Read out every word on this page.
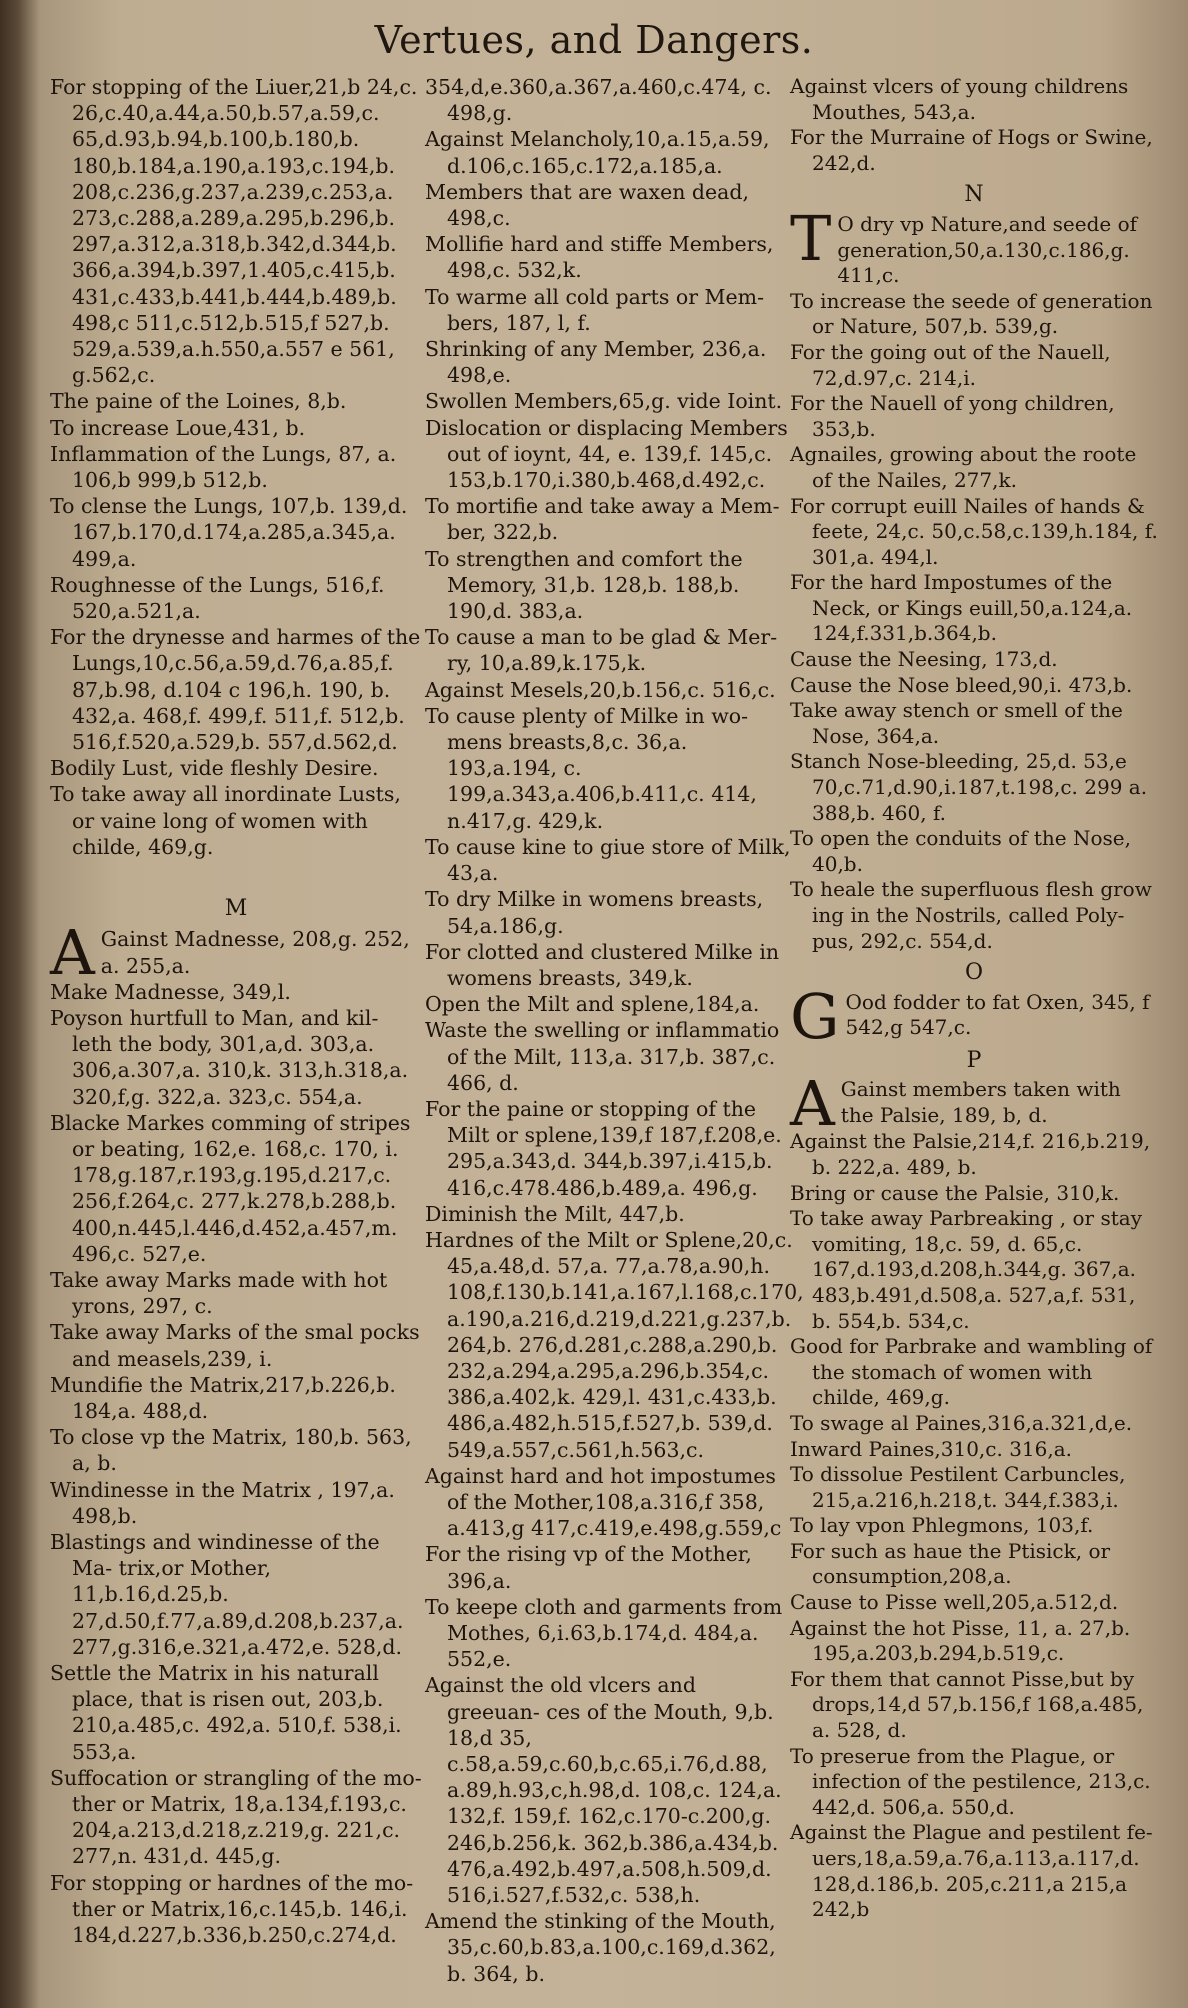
Vertues, and Dangers.
For stopping of the Liuer,21,b 24,c. 26,c.40,a.44,a.50,b.57,a.59,c. 65,d.93,b.94,b.100,b.180,b. 180,b.184,a.190,a.193,c.194,b. 208,c.236,g.237,a.239,c.253,a. 273,c.288,a.289,a.295,b.296,b. 297,a.312,a.318,b.342,d.344,b. 366,a.394,b.397,1.405,c.415,b. 431,c.433,b.441,b.444,b.489,b. 498,c 511,c.512,b.515,f 527,b. 529,a.539,a.h.550,a.557 e 561, g.562,c.
The paine of the Loines, 8,b.
To increase Loue,431, b.
Inflammation of the Lungs, 87, a. 106,b 999,b 512,b.
To clense the Lungs, 107,b. 139,d. 167,b.170,d.174,a.285,a.345,a. 499,a.
Roughnesse of the Lungs, 516,f. 520,a.521,a.
For the drynesse and harmes of the Lungs,10,c.56,a.59,d.76,a.85,f. 87,b.98, d.104 c 196,h. 190, b. 432,a. 468,f. 499,f. 511,f. 512,b. 516,f.520,a.529,b. 557,d.562,d.
Bodily Lust, vide fleshly Desire.
To take away all inordinate Lusts, or vaine long of women with childe, 469,g.
M
A Gainst Madnesse, 208,g. 252, a. 255,a.
Make Madnesse, 349,l.
Poyson hurtfull to Man, and kil- leth the body, 301,a,d. 303,a. 306,a.307,a. 310,k. 313,h.318,a. 320,f,g. 322,a. 323,c. 554,a.
Blacke Markes comming of stripes or beating, 162,e. 168,c. 170, i. 178,g.187,r.193,g.195,d.217,c. 256,f.264,c. 277,k.278,b.288,b. 400,n.445,l.446,d.452,a.457,m. 496,c. 527,e.
Take away Marks made with hot yrons, 297, c.
Take away Marks of the smal pocks and measels,239, i.
Mundifie the Matrix,217,b.226,b. 184,a. 488,d.
To close vp the Matrix, 180,b. 563, a, b.
Windinesse in the Matrix , 197,a. 498,b.
Blastings and windinesse of the Ma- trix,or Mother, 11,b.16,d.25,b. 27,d.50,f.77,a.89,d.208,b.237,a. 277,g.316,e.321,a.472,e. 528,d.
Settle the Matrix in his naturall place, that is risen out, 203,b. 210,a.485,c. 492,a. 510,f. 538,i. 553,a.
Suffocation or strangling of the mo- ther or Matrix, 18,a.134,f.193,c. 204,a.213,d.218,z.219,g. 221,c. 277,n. 431,d. 445,g.
For stopping or hardnes of the mo- ther or Matrix,16,c.145,b. 146,i. 184,d.227,b.336,b.250,c.274,d.
354,d,e.360,a.367,a.460,c.474, c. 498,g.
Against Melancholy,10,a.15,a.59, d.106,c.165,c.172,a.185,a.
Members that are waxen dead, 498,c.
Mollifie hard and stiffe Members, 498,c. 532,k.
To warme all cold parts or Mem- bers, 187, l, f.
Shrinking of any Member, 236,a. 498,e.
Swollen Members,65,g. vide Ioint.
Dislocation or displacing Members out of ioynt, 44, e. 139,f. 145,c. 153,b.170,i.380,b.468,d.492,c.
To mortifie and take away a Mem- ber, 322,b.
To strengthen and comfort the Memory, 31,b. 128,b. 188,b. 190,d. 383,a.
To cause a man to be glad & Mer- ry, 10,a.89,k.175,k.
Against Mesels,20,b.156,c. 516,c.
To cause plenty of Milke in wo- mens breasts,8,c. 36,a. 193,a.194, c. 199,a.343,a.406,b.411,c. 414, n.417,g. 429,k.
To cause kine to giue store of Milk, 43,a.
To dry Milke in womens breasts, 54,a.186,g.
For clotted and clustered Milke in womens breasts, 349,k.
Open the Milt and splene,184,a.
Waste the swelling or inflammatio of the Milt, 113,a. 317,b. 387,c. 466, d.
For the paine or stopping of the Milt or splene,139,f 187,f.208,e. 295,a.343,d. 344,b.397,i.415,b. 416,c.478.486,b.489,a. 496,g.
Diminish the Milt, 447,b.
Hardnes of the Milt or Splene,20,c. 45,a.48,d. 57,a. 77,a.78,a.90,h. 108,f.130,b.141,a.167,l.168,c.170, a.190,a.216,d.219,d.221,g.237,b. 264,b. 276,d.281,c.288,a.290,b. 232,a.294,a.295,a.296,b.354,c. 386,a.402,k. 429,l. 431,c.433,b. 486,a.482,h.515,f.527,b. 539,d. 549,a.557,c.561,h.563,c.
Against hard and hot impostumes of the Mother,108,a.316,f 358, a.413,g 417,c.419,e.498,g.559,c
For the rising vp of the Mother, 396,a.
To keepe cloth and garments from Mothes, 6,i.63,b.174,d. 484,a. 552,e.
Against the old vlcers and greeuan- ces of the Mouth, 9,b. 18,d 35, c.58,a.59,c.60,b,c.65,i.76,d.88, a.89,h.93,c,h.98,d. 108,c. 124,a. 132,f. 159,f. 162,c.170-c.200,g. 246,b.256,k. 362,b.386,a.434,b. 476,a.492,b.497,a.508,h.509,d. 516,i.527,f.532,c. 538,h.
Amend the stinking of the Mouth, 35,c.60,b.83,a.100,c.169,d.362, b. 364, b.
Against vlcers of young childrens Mouthes, 543,a.
For the Murraine of Hogs or Swine, 242,d.
N
T O dry vp Nature,and seede of generation,50,a.130,c.186,g. 411,c.
To increase the seede of generation or Nature, 507,b. 539,g.
For the going out of the Nauell, 72,d.97,c. 214,i.
For the Nauell of yong children, 353,b.
Agnailes, growing about the roote of the Nailes, 277,k.
For corrupt euill Nailes of hands & feete, 24,c. 50,c.58,c.139,h.184, f. 301,a. 494,l.
For the hard Impostumes of the Neck, or Kings euill,50,a.124,a. 124,f.331,b.364,b.
Cause the Neesing, 173,d.
Cause the Nose bleed,90,i. 473,b.
Take away stench or smell of the Nose, 364,a.
Stanch Nose-bleeding, 25,d. 53,e 70,c.71,d.90,i.187,t.198,c. 299 a. 388,b. 460, f.
To open the conduits of the Nose, 40,b.
To heale the superfluous flesh grow ing in the Nostrils, called Poly- pus, 292,c. 554,d.
O
G Ood fodder to fat Oxen, 345, f 542,g 547,c.
P
A Gainst members taken with the Palsie, 189, b, d.
Against the Palsie,214,f. 216,b.219, b. 222,a. 489, b.
Bring or cause the Palsie, 310,k.
To take away Parbreaking , or stay vomiting, 18,c. 59, d. 65,c. 167,d.193,d.208,h.344,g. 367,a. 483,b.491,d.508,a. 527,a,f. 531, b. 554,b. 534,c.
Good for Parbrake and wambling of the stomach of women with childe, 469,g.
To swage al Paines,316,a.321,d,e.
Inward Paines,310,c. 316,a.
To dissolue Pestilent Carbuncles, 215,a.216,h.218,t. 344,f.383,i.
To lay vpon Phlegmons, 103,f.
For such as haue the Ptisick, or consumption,208,a.
Cause to Pisse well,205,a.512,d.
Against the hot Pisse, 11, a. 27,b. 195,a.203,b.294,b.519,c.
For them that cannot Pisse,but by drops,14,d 57,b.156,f 168,a.485, a. 528, d.
To preserue from the Plague, or infection of the pestilence, 213,c. 442,d. 506,a. 550,d.
Against the Plague and pestilent fe- uers,18,a.59,a.76,a.113,a.117,d. 128,d.186,b. 205,c.211,a 215,a 242,b
